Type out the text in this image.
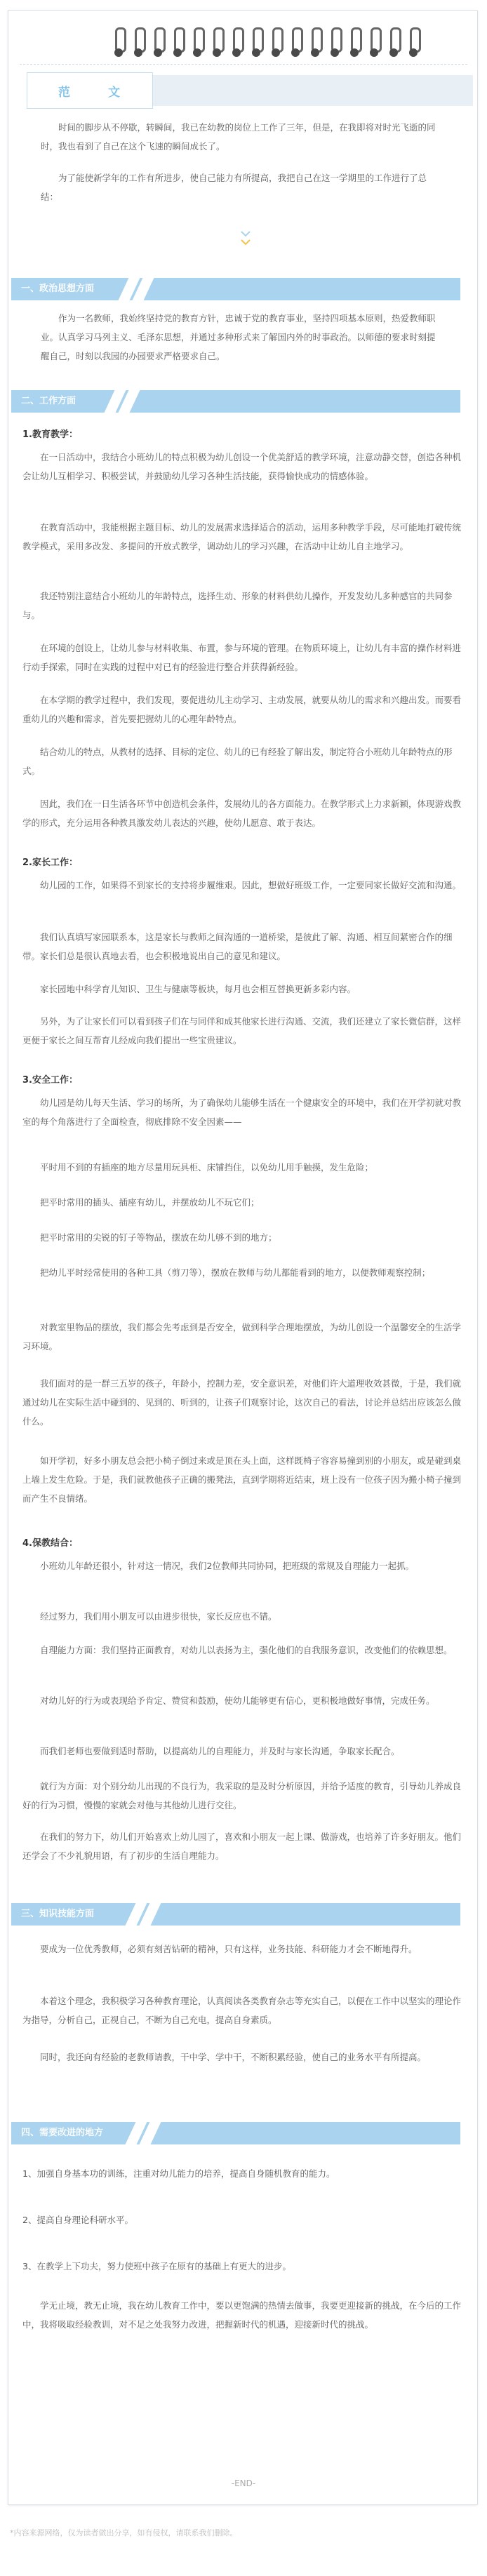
范	文

时间的脚步从不停歇，转瞬间，我已在幼教的岗位上工作了三年，但是，在我即将对时光飞逝的同时，我也看到了自己在这个飞速的瞬间成长了。

为了能使新学年的工作有所进步，使自己能力有所提高，我把自己在这一学期里的工作进行了总结：

一、政治思想方面

作为一名教师，我始终坚持党的教育方针，忠诚于党的教育事业，坚持四项基本原则，热爱教师职业。认真学习马列主义、毛泽东思想，并通过多种形式来了解国内外的时事政治。以师德的要求时刻提醒自己，时刻以我园的办园要求严格要求自己。

二、工作方面
1.教育教学：

在一日活动中，我结合小班幼儿的特点积极为幼儿创设一个优美舒适的教学环境，注意动静交替，创造各种机会让幼儿互相学习、积极尝试，并鼓励幼儿学习各种生活技能，获得愉快成功的情感体验。

在教育活动中，我能根据主题目标、幼儿的发展需求选择适合的活动，运用多种教学手段，尽可能地打破传统教学模式，采用多改发、多提问的开放式教学，调动幼儿的学习兴趣，在活动中让幼儿自主地学习。

我还特别注意结合小班幼儿的年龄特点，选择生动、形象的材料供幼儿操作，开发发幼儿多种感官的共同参与。

在环境的创设上，让幼儿参与材料收集、布置，参与环境的管理。在物质环境上，让幼儿有丰富的操作材料进行动手探索，同时在实践的过程中对已有的经验进行整合并获得新经验。

在本学期的教学过程中，我们发现，要促进幼儿主动学习、主动发展，就要从幼儿的需求和兴趣出发。而要看重幼儿的兴趣和需求，首先要把握幼儿的心理年龄特点。

结合幼儿的特点，从教材的选择、目标的定位、幼儿的已有经验了解出发，制定符合小班幼儿年龄特点的形式。

因此，我们在一日生活各环节中创造机会条件，发展幼儿的各方面能力。在教学形式上力求新颖，体现游戏教学的形式，充分运用各种教具激发幼儿表达的兴趣，使幼儿愿意、敢于表达。

2.家长工作：

幼儿园的工作，如果得不到家长的支持将步履维艰。因此，想做好班级工作，一定要同家长做好交流和沟通。

我们认真填写家园联系本，这是家长与教师之间沟通的一道桥梁，是彼此了解、沟通、相互间紧密合作的细带。家长们总是很认真地去看，也会积极地说出自己的意见和建议。

家长园地中科学育儿知识、卫生与健康等板块，每月也会相互替换更新多彩内容。

另外，为了让家长们可以看到孩子们在与同伴和成其他家长进行沟通、交流，我们还建立了家长微信群，这样更便于家长之间互帮育儿经成向我们提出一些宝贵建议。

3.安全工作：

幼儿园是幼儿每天生活、学习的场所，为了确保幼儿能够生活在一个健康安全的环境中，我们在开学初就对教室的每个角落进行了全面检查，彻底排除不安全因素——

平时用不到的有插座的地方尽量用玩具柜、床铺挡住，以免幼儿用手触摸，发生危险；

把平时常用的插头、插座有幼儿，并摆放幼儿不玩它们；

把平时常用的尖锐的钉子等物品，摆放在幼儿够不到的地方；

把幼儿平时经常使用的各种工具（剪刀等），摆放在教师与幼儿都能看到的地方，以便教师观察控制；

对教室里物品的摆放，我们都会先考虑到是否安全，做到科学合理地摆放，为幼儿创设一个温馨安全的生活学习环境。

我们面对的是一群三五岁的孩子，年龄小，控制力差，安全意识差，对他们许大道理收效甚微，于是，我们就通过幼儿在实际生活中碰到的、见到的、听到的，让孩子们观察讨论，这次自己的看法，讨论并总结出应该怎么做什么。

如开学初，好多小朋友总会把小椅子倒过来或是顶在头上面，这样既椅子容容易撞到别的小朋友，或是碰到桌上墙上发生危险。于是，我们就教他孩子正确的搬凳法，直到学期将近结束，班上没有一位孩子因为搬小椅子撞到而产生不良情绪。

4.保教结合：

小班幼儿年龄还很小，针对这一情况，我们2位教师共同协同，把班级的常规及自理能力一起抓。

经过努力，我们用小朋友可以由进步很快，家长反应也不错。

自理能力方面：我们坚持正面教育，对幼儿以表扬为主，强化他们的自我服务意识，改变他们的依赖思想。

对幼儿好的行为或表现给予肯定、赞赏和鼓励，使幼儿能够更有信心，更积极地做好事情，完成任务。

而我们老师也要做到适时帮助，以提高幼儿的自理能力，并及时与家长沟通，争取家长配合。

就行为方面：对个别分幼儿出现的不良行为，我采取的是及时分析原因，并给予适度的教育，引导幼儿养成良好的行为习惯，慢慢的家就会对他与其他幼儿进行交往。

在我们的努力下，幼儿们开始喜欢上幼儿园了，喜欢和小朋友一起上课、做游戏，也培养了许多好朋友。他们还学会了不少礼貌用语，有了初步的生活自理能力。

三、知识技能方面

要成为一位优秀教师，必须有刻苦钻研的精神，只有这样，业务技能、科研能力才会不断地得升。

本着这个理念，我积极学习各种教育理论，认真阅读各类教育杂志等充实自己，以便在工作中以坚实的理论作为指导，分析自己，正视自己，不断为自己充电，提高自身素质。

同时，我还向有经验的老教师请教，干中学、学中干，不断积累经验，使自己的业务水平有所提高。

四、需要改进的地方

1、加强自身基本功的训练，注重对幼儿能力的培养，提高自身随机教育的能力。

2、提高自身理论科研水平。

3、在教学上下功夫，努力使班中孩子在原有的基础上有更大的进步。

学无止境，教无止境，我在幼儿教育工作中，要以更饱满的热情去做事，我要更迎接新的挑战，在今后的工作中，我将吸取经验教训，对不足之处我努力改进，把握新时代的机遇，迎接新时代的挑战。

-END-
*内容来源网络，仅为读者做出分享，如有侵权，请联系我们删除。
